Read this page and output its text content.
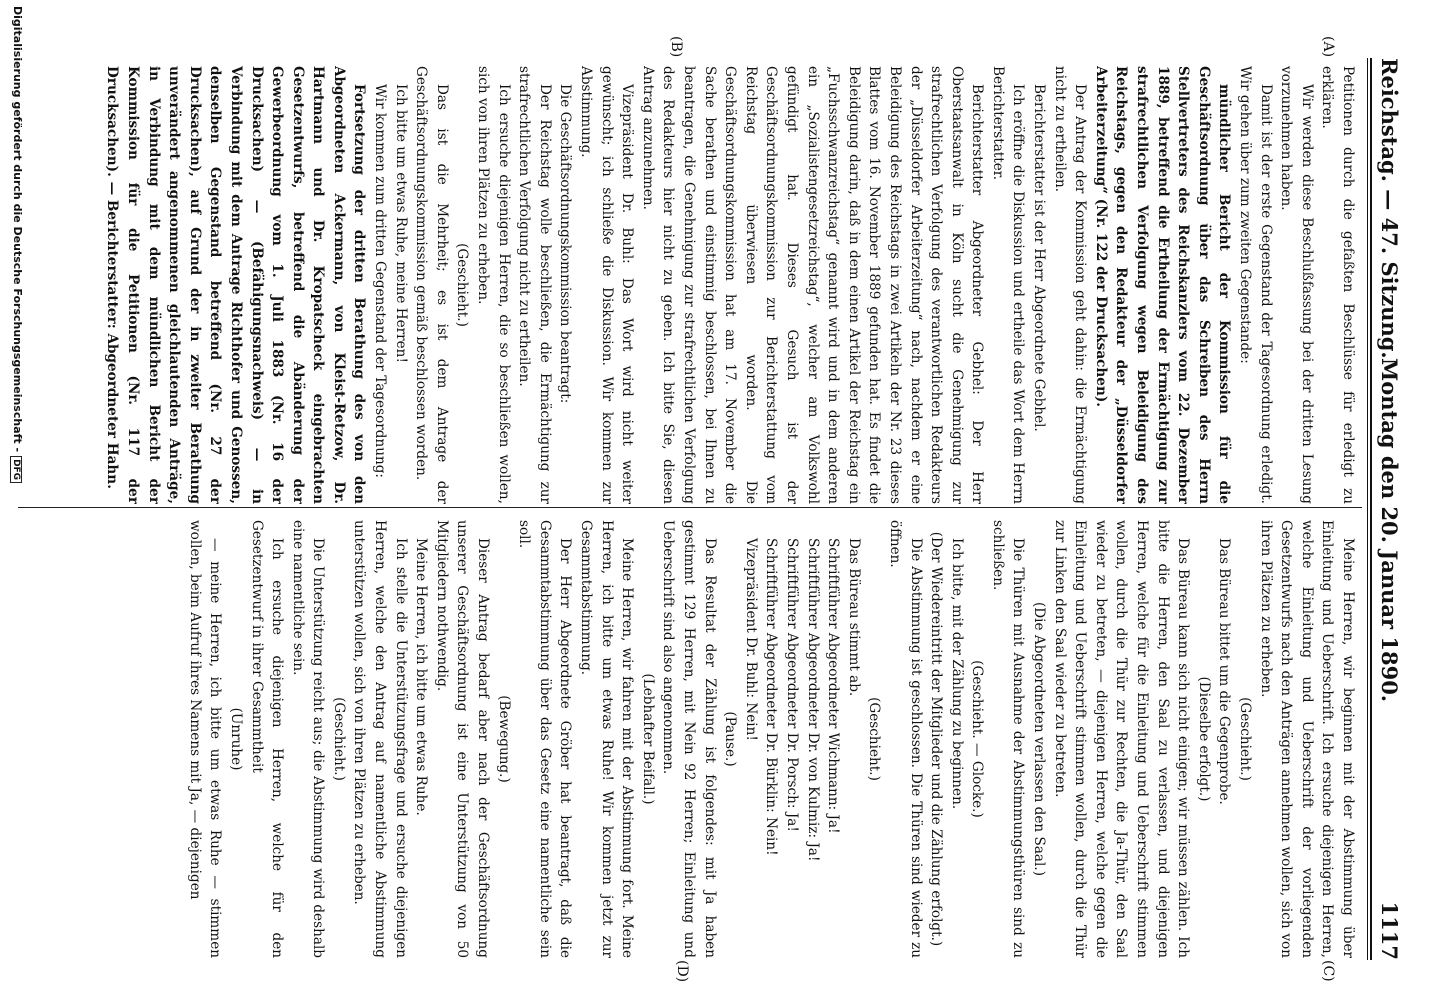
Reichstag. — 47. Sitzung.
Montag den 20. Januar 1890.
1117
(A)
(B)
(C)
(D)

Petitionen durch die gefaßten Beschlüsse für erledigt zu erklären.

Wir werden diese Beschlußfassung bei der dritten Lesung vorzunehmen haben.

Damit ist der erste Gegenstand der Tagesordnung erledigt. Wir gehen über zum zweiten Gegenstande:

mündlicher Bericht der Kommission für die Geschäftsordnung über das Schreiben des Herrn Stellvertreters des Reichskanzlers vom 22. Dezember 1889, betreffend die Ertheilung der Ermächtigung zur strafrechtlichen Verfolgung wegen Beleidigung des Reichstags, gegen den Redakteur der „Düsseldorfer Arbeiterzeitung“ (Nr. 122 der Drucksachen).

Der Antrag der Kommission geht dahin: die Ermächtigung nicht zu ertheilen.

Berichterstatter ist der Herr Abgeordnete Gebhel.

Ich eröffne die Diskussion und ertheile das Wort dem Herrn Berichterstatter.

Berichterstatter Abgeordneter Gebhel: Der Herr Oberstaatsanwalt in Köln sucht die Genehmigung zur strafrechtlichen Verfolgung des verantwortlichen Redakteurs der „Düsseldorfer Arbeiterzeitung“ nach, nachdem er eine Beleidigung des Reichstags in zwei Artikeln der Nr. 23 dieses Blattes vom 16. November 1889 gefunden hat. Es findet die Beleidigung darin, daß in dem einen Artikel der Reichstag ein „Fuchsschwanzreichstag“ genannt wird und in dem anderen ein „Sozialistengesetzreichstag“, welcher am Volkswohl gefündigt hat. Dieses Gesuch ist der Geschäftsordnungskommission zur Berichterstattung vom Reichstag überwiesen worden. Die Geschäftsordnungskommission hat am 17. November die Sache berathen und einstimmig beschlossen, bei Ihnen zu beantragen, die Genehmigung zur strafrechtlichen Verfolgung des Redakteurs hier nicht zu geben. Ich bitte Sie, diesen Antrag anzunehmen.

Vizepräsident Dr. Buhl: Das Wort wird nicht weiter gewünscht; ich schließe die Diskussion. Wir kommen zur Abstimmung.

Die Geschäftsordnungskommission beantragt:

Der Reichstag wolle beschließen, die Ermächtigung zur strafrechtlichen Verfolgung nicht zu ertheilen.

Ich ersuche diejenigen Herren, die so beschließen wollen, sich von ihren Plätzen zu erheben.

(Geschieht.)

Das ist die Mehrheit; es ist dem Antrage der Geschäftsordnungskommission gemäß beschlossen worden.

Ich bitte um etwas Ruhe, meine Herren!

Wir kommen zum dritten Gegenstand der Tagesordnung:

Fortsetzung der dritten Berathung des von den Abgeordneten Ackermann, von Kleist-Retzow, Dr. Hartmann und Dr. Kropatscheck eingebrachten Gesetzentwurfs, betreffend die Abänderung der Gewerbeordnung vom 1. Juli 1883 (Nr. 16 der Drucksachen) — (Befähigungsnachweis) — in Verbindung mit dem Antrage Richthofer und Genossen, denselben Gegenstand betreffend (Nr. 27 der Drucksachen), auf Grund der in zweiter Berathung unverändert angenommenen gleichlautenden Anträge, in Verbindung mit dem mündlichen Bericht der Kommission für die Petitionen (Nr. 117 der Drucksachen). — Berichterstatter: Abgeordneter Hahn.

Meine Herren, wir beginnen mit der Abstimmung über Einleitung und Ueberschrift. Ich ersuche diejenigen Herren, welche Einleitung und Ueberschrift der vorliegenden Gesetzentwurfs nach den Anträgen annehmen wollen, sich von ihren Plätzen zu erheben.

(Geschieht.)

Das Büreau bittet um die Gegenprobe.

(Dieselbe erfolgt.)

Das Büreau kann sich nicht einigen; wir müssen zählen. Ich bitte die Herren, den Saal zu verlassen, und diejenigen Herren, welche für die Einleitung und Ueberschrift stimmen wollen, durch die Thür zur Rechten, die Ja-Thür, den Saal wieder zu betreten, — diejenigen Herren, welche gegen die Einleitung und Ueberschrift stimmen wollen, durch die Thür zur Linken den Saal wieder zu betreten.

(Die Abgeordneten verlassen den Saal.)

Die Thüren mit Ausnahme der Abstimmungsthüren sind zu schließen.

(Geschieht. — Glocke.)

Ich bitte, mit der Zählung zu beginnen.

(Der Wiedereintritt der Mitglieder und die Zählung erfolgt.)

Die Abstimmung ist geschlossen. Die Thüren sind wieder zu öffnen.

(Geschieht.)

Das Büreau stimmt ab.

Schriftführer Abgeordneter Wichmann: Ja!

Schriftführer Abgeordneter Dr. von Kulmiz: Ja!

Schriftführer Abgeordneter Dr. Porsch: Ja!

Schriftführer Abgeordneter Dr. Bürklin: Nein!

Vizepräsident Dr. Buhl: Nein!

(Pause.)

Das Resultat der Zählung ist folgendes: mit Ja haben gestimmt 129 Herren, mit Nein 92 Herren; Einleitung und Ueberschrift sind also angenommen.

(Lebhafter Beifall.)

Meine Herren, wir fahren mit der Abstimmung fort. Meine Herren, ich bitte um etwas Ruhe! Wir kommen jetzt zur Gesammtabstimmung.

Der Herr Abgeordnete Gröber hat beantragt, daß die Gesammtabstimmung über das Gesetz eine namentliche sein soll.

(Bewegung.)

Dieser Antrag bedarf aber nach der Geschäftsordnung unserer Geschäftsordnung ist eine Unterstützung von 50 Mitgliedern nothwendig.

Meine Herren, ich bitte um etwas Ruhe.

Ich stelle die Unterstützungsfrage und ersuche diejenigen Herren, welche den Antrag auf namentliche Abstimmung unterstützen wollen, sich von ihren Plätzen zu erheben.

(Geschieht.)

Die Unterstützung reicht aus; die Abstimmung wird deshalb eine namentliche sein.

Ich ersuche diejenigen Herren, welche für den Gesetzentwurf in ihrer Gesammtheit

(Unruhe)

— meine Herren, ich bitte um etwas Ruhe — stimmen wollen, beim Aufruf ihres Namens mit Ja, — diejenigen

Digitalisierung gefördert durch die Deutsche Forschungsgemeinschaft -DFG
